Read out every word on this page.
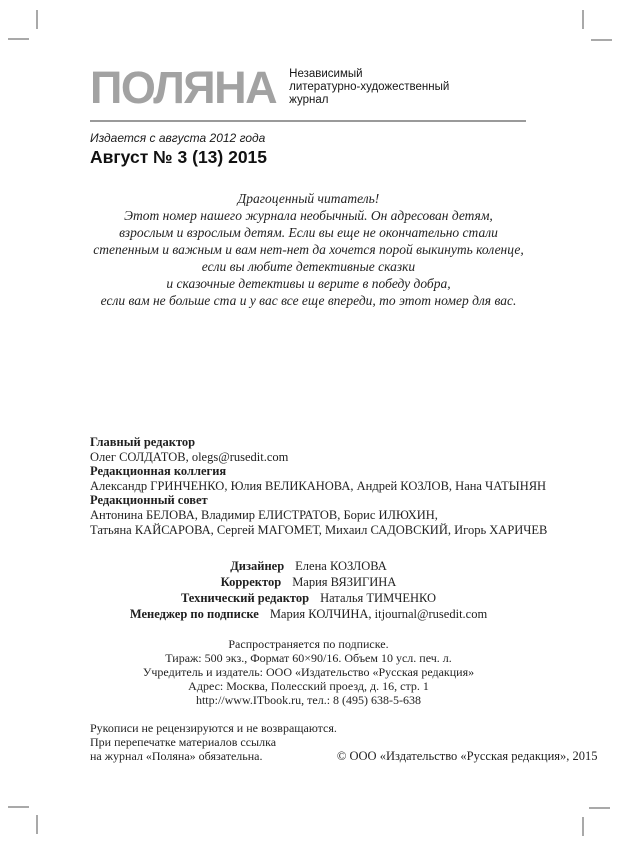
ПОЛЯНА Независимый
литературно-художественный
журнал
Издается с августа 2012 года
Август № 3 (13) 2015
Драгоценный читатель!
Этот номер нашего журнала необычный. Он адресован детям,
взрослым и взрослым детям. Если вы еще не окончательно стали
степенным и важным и вам нет-нет да хочется порой выкинуть коленце,
если вы любите детективные сказки
и сказочные детективы и верите в победу добра,
если вам не больше ста и у вас все еще впереди, то этот номер для вас.
Главный редактор
Олег СОЛДАТОВ, olegs@rusedit.com
Редакционная коллегия
Александр ГРИНЧЕНКО, Юлия ВЕЛИКАНОВА, Андрей КОЗЛОВ, Нана ЧАТЫНЯН
Редакционный совет
Антонина БЕЛОВА, Владимир ЕЛИСТРАТОВ, Борис ИЛЮХИН,
Татьяна КАЙСАРОВА, Сергей МАГОМЕТ, Михаил САДОВСКИЙ, Игорь ХАРИЧЕВ
Дизайнер Елена КОЗЛОВА
Корректор Мария ВЯЗИГИНА
Технический редактор Наталья ТИМЧЕНКО
Менеджер по подписке Мария КОЛЧИНА, itjournal@rusedit.com
Распространяется по подписке.
Тираж: 500 экз., Формат 60×90/16. Объем 10 усл. печ. л.
Учредитель и издатель: ООО «Издательство «Русская редакция»
Адрес: Москва, Полесский проезд, д. 16, стр. 1
http://www.ITbook.ru, тел.: 8 (495) 638-5-638
Рукописи не рецензируются и не возвращаются.
При перепечатке материалов ссылка
на журнал «Поляна» обязательна.	© ООО «Издательство «Русская редакция», 2015
